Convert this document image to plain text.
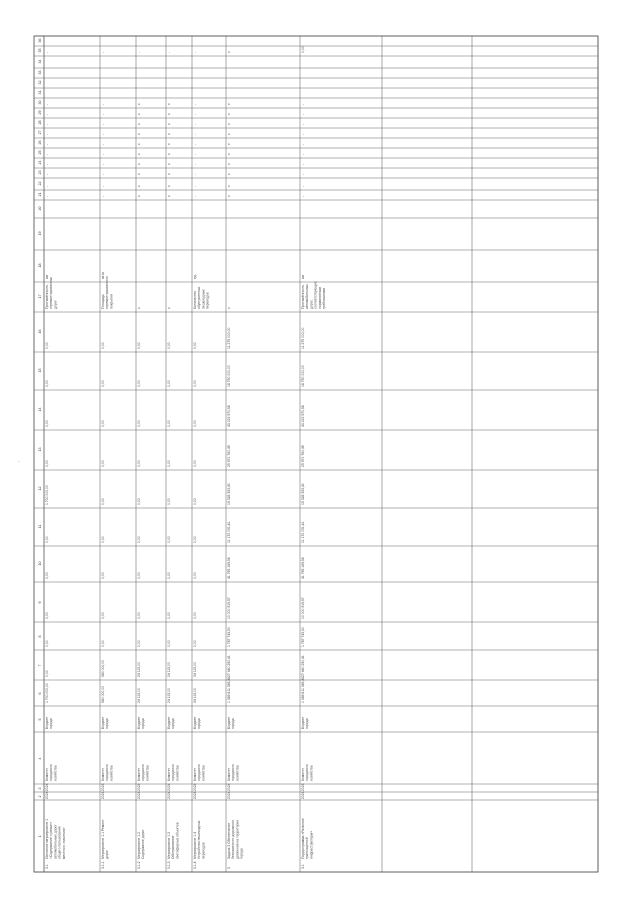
1
2
3
4
5
6
7
8
9
10
11
12
13
14
15
16
17
18
19
20
21
22
23
24
25
26
27
28
29
30
31
32
33
34
35
36
-
3.1
Основное мероприятие 1 «Содержание и ремонт автомобильных дорог общего пользования местного значения»
2024
2024
Комитет городского хозяйства
Бюджет города
1 700 000,00
0,00
0,00
0,00
0,00
0,00
1 700 000,00
0,00
0,00
0,00
0,00
Протяжённость отремонтированных дорог
км
-
-
-
-
-
-
-
-
-
-
-
3.1.1
Мероприятие 1.1 Ремонт дорог
2024
2024
Комитет городского хозяйства
Бюджет города
580 000,00
580 000,00
0,00
0,00
0,00
0,00
0,00
0,00
0,00
0,00
0,00
Площадь отремонтированного покрытия
кв.м
-
-
-
-
-
-
-
-
-
-
-
3.1.2
Мероприятие 1.2 Содержание дорог
2024
2024
Комитет городского хозяйства
Бюджет города
24 115,00
24 115,00
0,00
0,00
0,00
0,00
0,00
0,00
0,00
0,00
0,00
x
x
x
x
x
x
x
x
x
x
x
-
3.1.3
Мероприятие 1.3 Обслуживание светофорных объектов
2024
2024
Комитет городского хозяйства
Бюджет города
24 115,00
24 115,00
0,00
0,00
0,00
0,00
0,00
0,00
0,00
0,00
0,00
x
x
x
x
x
x
x
x
x
x
x
-
3.1.4
Мероприятие 1.4 Устройство пешеходных переходов
2024
2024
Комитет городского хозяйства
Бюджет города
34 115,00
34 115,00
0,00
0,00
0,00
0,00
0,00
0,00
0,00
0,00
0,00
Количество обустроенных пешеходных переходов
ед.
-
-
-
-
-
-
-
-
-
-
-
3
Задача 3 Обеспечение безопасности дорожного движения на территории города
2024
2024
Комитет городского хозяйства
Бюджет города
1 389 811 345,86
27 440 290,41
1 787 743,50
10 000 919,57
41 765 169,56
11 172 051,41
19 328 353,40
25 971 760,49
43 215 970,58
18 750 000,00
11 275 000,00
x
x
x
x
x
x
x
x
x
x
x
x
3.1
Подпрограмма «Развитие транспортной инфраструктуры»
2024
2024
Комитет городского хозяйства
Бюджет города
1 389 811 345,86
27 440 290,41
1 787 743,50
10 000 919,57
41 765 169,56
11 172 051,41
19 328 353,40
25 971 760,49
43 215 970,58
18 750 000,00
11 275 000,00
Протяжённость автомобильных дорог, соответствующих нормативным требованиям
км
-
-
-
-
-
-
-
-
-
-
0,00
